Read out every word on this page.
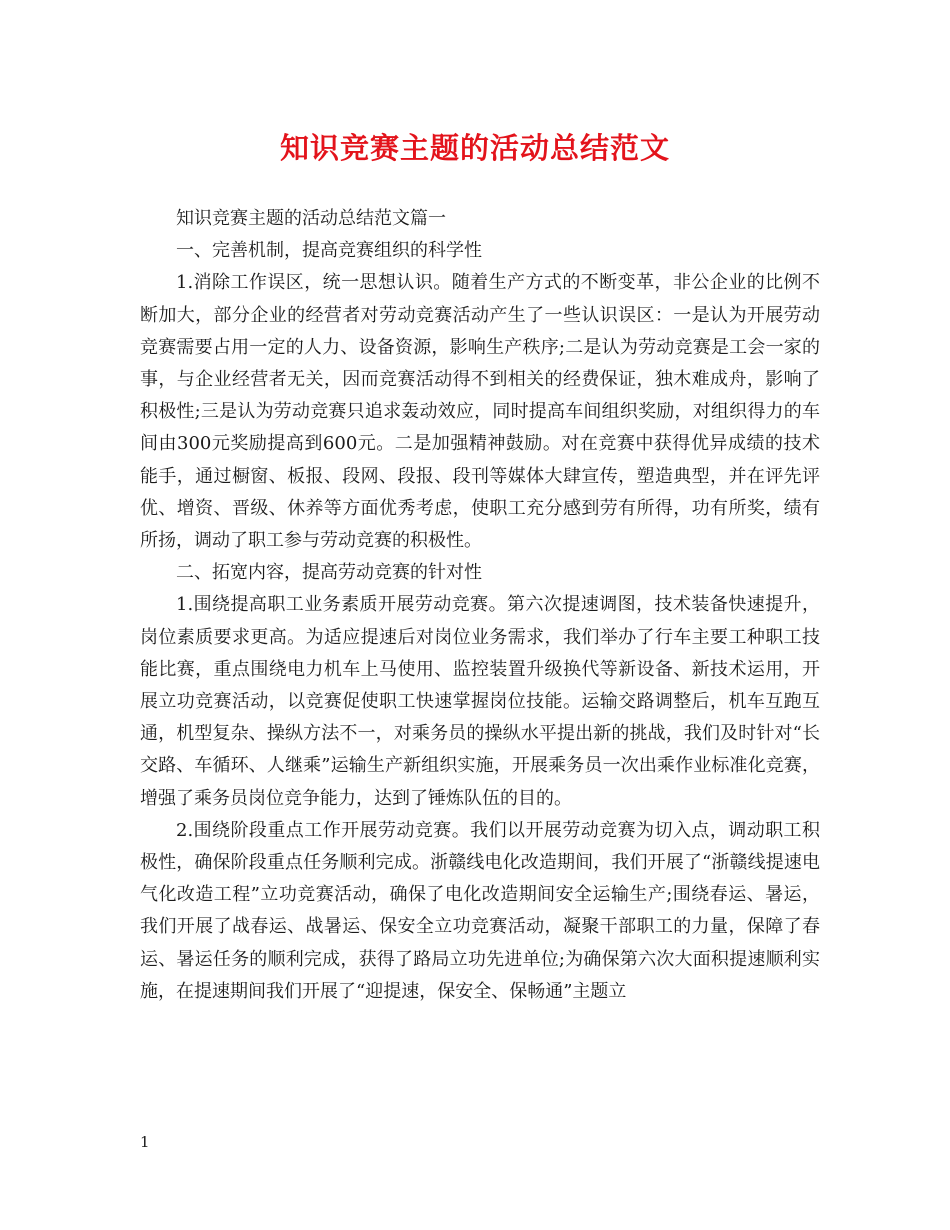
知识竞赛主题的活动总结范文

知识竞赛主题的活动总结范文篇一

一、完善机制，提高竞赛组织的科学性

1.消除工作误区，统一思想认识。随着生产方式的不断变革，非公企业的比例不断加大，部分企业的经营者对劳动竞赛活动产生了一些认识误区：一是认为开展劳动竞赛需要占用一定的人力、设备资源，影响生产秩序;二是认为劳动竞赛是工会一家的事，与企业经营者无关，因而竞赛活动得不到相关的经费保证，独木难成舟，影响了积极性;三是认为劳动竞赛只追求轰动效应，同时提高车间组织奖励，对组织得力的车间由300元奖励提高到600元。二是加强精神鼓励。对在竞赛中获得优异成绩的技术能手，通过橱窗、板报、段网、段报、段刊等媒体大肆宣传，塑造典型，并在评先评优、增资、晋级、休养等方面优秀考虑，使职工充分感到劳有所得，功有所奖，绩有所扬，调动了职工参与劳动竞赛的积极性。

二、拓宽内容，提高劳动竞赛的针对性

1.围绕提高职工业务素质开展劳动竞赛。第六次提速调图，技术装备快速提升，岗位素质要求更高。为适应提速后对岗位业务需求，我们举办了行车主要工种职工技能比赛，重点围绕电力机车上马使用、监控装置升级换代等新设备、新技术运用，开展立功竞赛活动，以竞赛促使职工快速掌握岗位技能。运输交路调整后，机车互跑互通，机型复杂、操纵方法不一，对乘务员的操纵水平提出新的挑战，我们及时针对“长交路、车循环、人继乘”运输生产新组织实施，开展乘务员一次出乘作业标准化竞赛，增强了乘务员岗位竞争能力，达到了锤炼队伍的目的。

2.围绕阶段重点工作开展劳动竞赛。我们以开展劳动竞赛为切入点，调动职工积极性，确保阶段重点任务顺利完成。浙赣线电化改造期间，我们开展了“浙赣线提速电气化改造工程”立功竞赛活动，确保了电化改造期间安全运输生产;围绕春运、暑运，我们开展了战春运、战暑运、保安全立功竞赛活动，凝聚干部职工的力量，保障了春运、暑运任务的顺利完成，获得了路局立功先进单位;为确保第六次大面积提速顺利实施，在提速期间我们开展了“迎提速，保安全、保畅通”主题立

1
